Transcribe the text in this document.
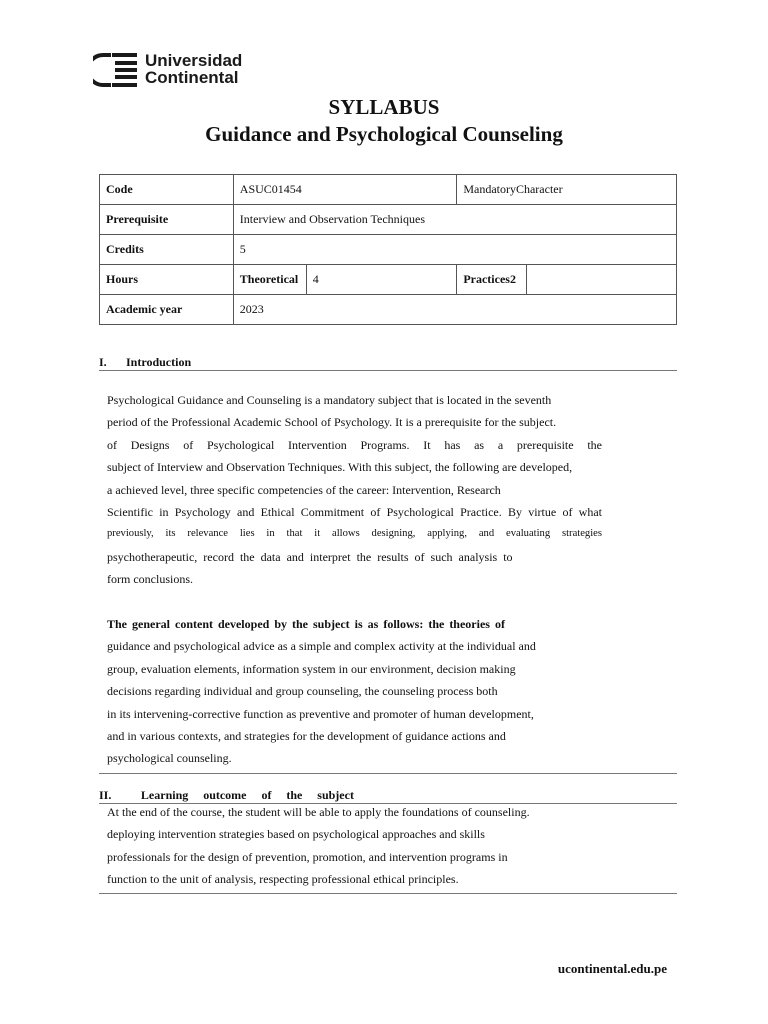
Universidad
Continental
SYLLABUS
Guidance and Psychological Counseling
Code	ASUC01454		MandatoryCharacter	
Prerequisite	Interview and Observation Techniques			
Credits	5			
Hours	Theoretical	4	Practices2	
Academic year	2023			
I. Introduction
Psychological Guidance and Counseling is a mandatory subject that is located in the seventh
period of the Professional Academic School of Psychology. It is a prerequisite for the subject.
of Designs of Psychological Intervention Programs. It has as a prerequisite the
subject of Interview and Observation Techniques. With this subject, the following are developed,
a achieved level, three specific competencies of the career: Intervention, Research
Scientific in Psychology and Ethical Commitment of Psychological Practice. By virtue of what
previously, its relevance lies in that it allows designing, applying, and evaluating strategies
psychotherapeutic, record the data and interpret the results of such analysis to
form conclusions.
The general content developed by the subject is as follows: the theories of
guidance and psychological advice as a simple and complex activity at the individual and
group, evaluation elements, information system in our environment, decision making
decisions regarding individual and group counseling, the counseling process both
in its intervening-corrective function as preventive and promoter of human development,
and in various contexts, and strategies for the development of guidance actions and
psychological counseling.
II.	Learning outcome of the subject
At the end of the course, the student will be able to apply the foundations of counseling.
deploying intervention strategies based on psychological approaches and skills
professionals for the design of prevention, promotion, and intervention programs in
function to the unit of analysis, respecting professional ethical principles.
ucontinental.edu.pe
